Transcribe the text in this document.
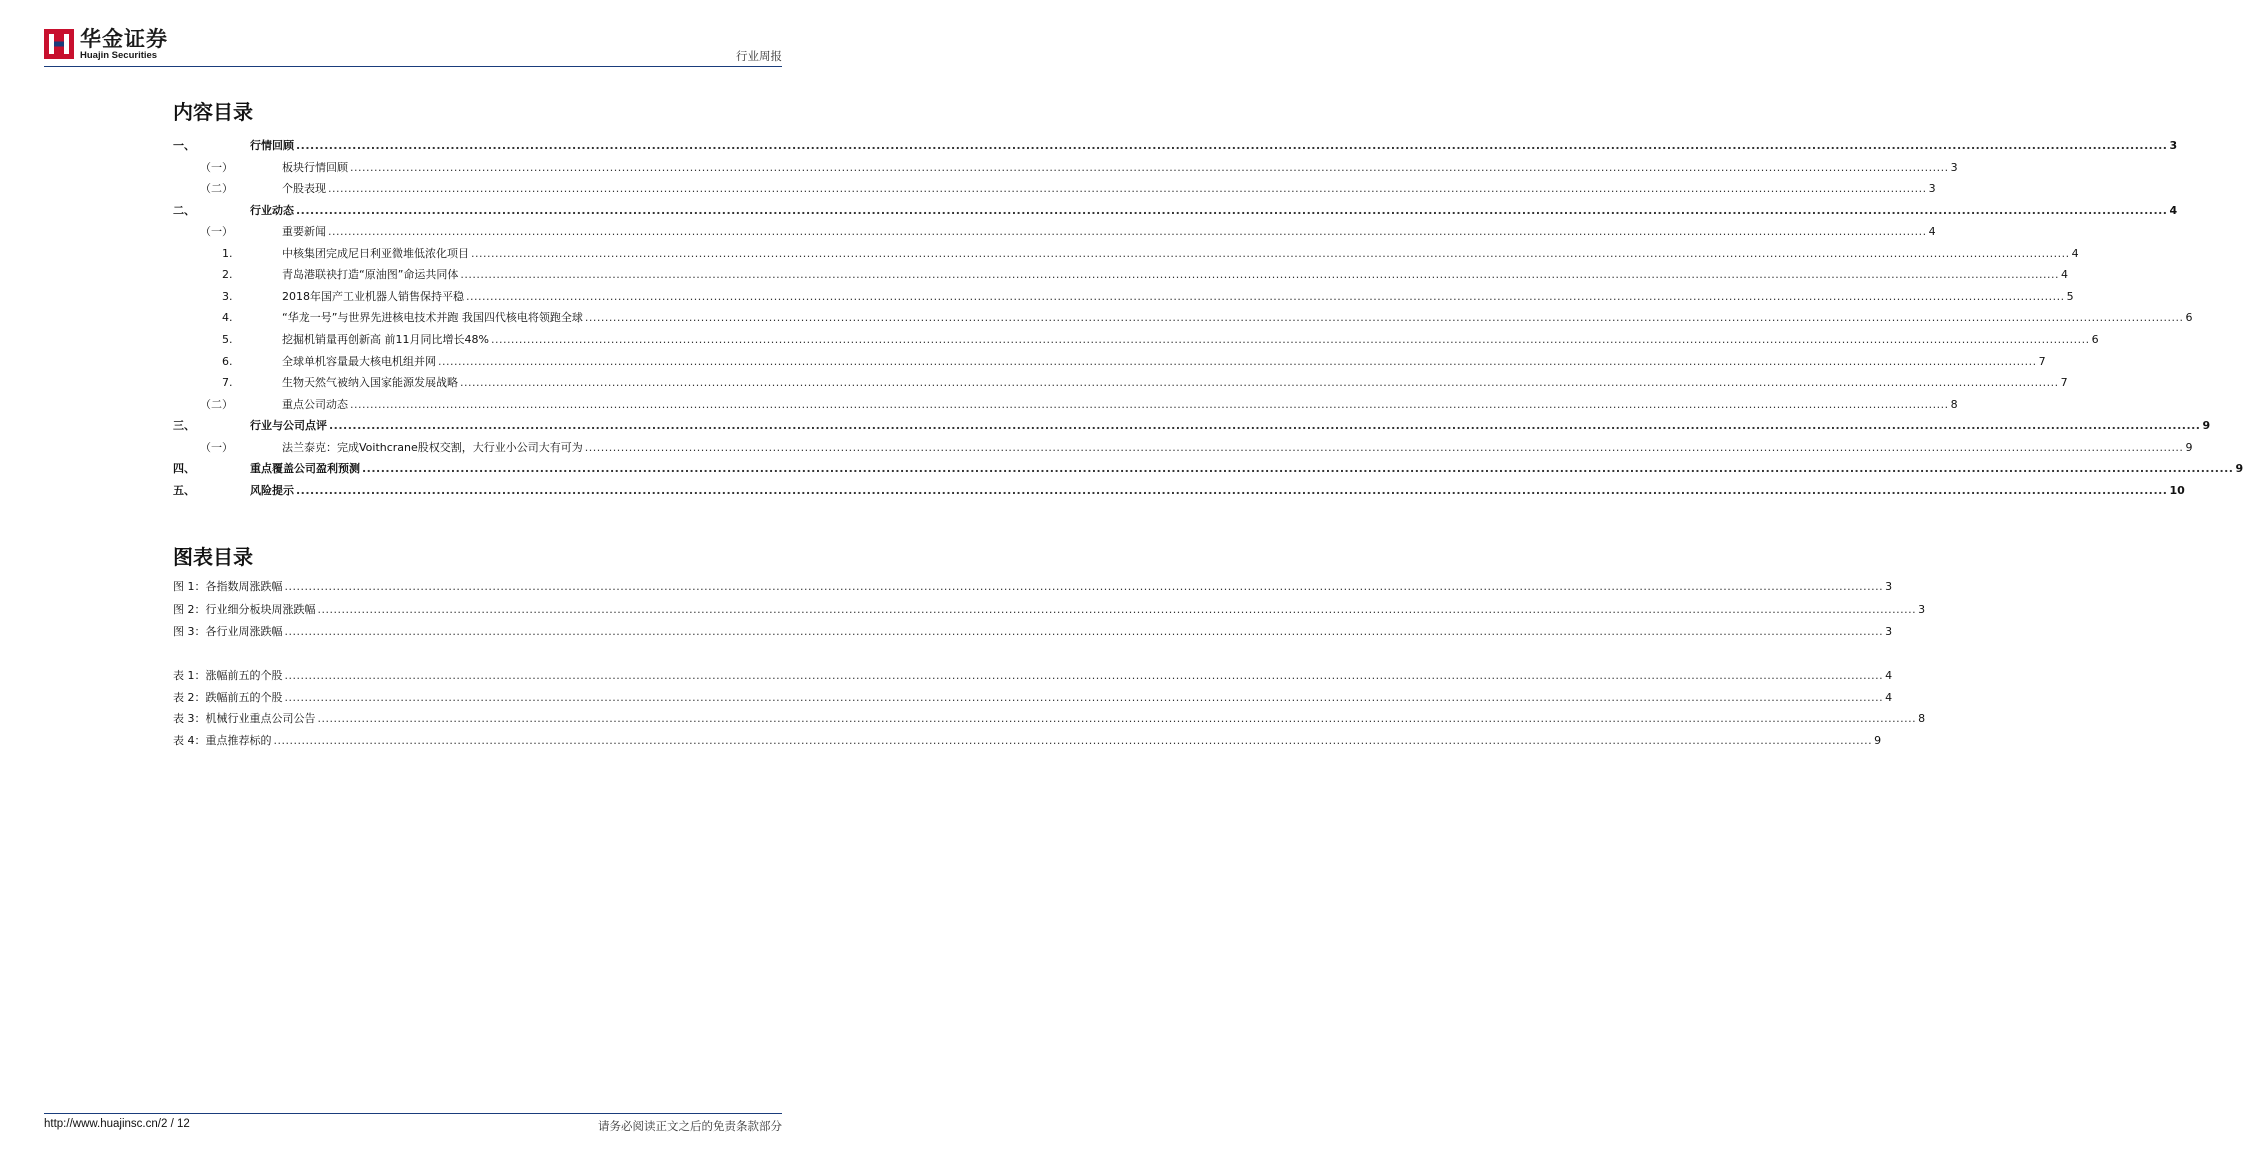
华金证券
Huajin Securities	行业周报
内容目录
一、	行情回顾 ................................................................................................................................................................................................................................................................................................................................................................................................................ 3
（一）	板块行情回顾 ................................................................................................................................................................................................................................................................................................................................................................................................................ 3
（二）	个股表现 ................................................................................................................................................................................................................................................................................................................................................................................................................ 3
二、	行业动态 ................................................................................................................................................................................................................................................................................................................................................................................................................ 4
（一）	重要新闻 ................................................................................................................................................................................................................................................................................................................................................................................................................ 4
1.	中核集团完成尼日利亚微堆低浓化项目 ................................................................................................................................................................................................................................................................................................................................................................................................................ 4
2.	青岛港联袂打造“原油图”命运共同体 ................................................................................................................................................................................................................................................................................................................................................................................................................ 4
3.	2018年国产工业机器人销售保持平稳 ................................................................................................................................................................................................................................................................................................................................................................................................................ 5
4.	“华龙一号”与世界先进核电技术并跑 我国四代核电将领跑全球 ................................................................................................................................................................................................................................................................................................................................................................................................................ 6
5.	挖掘机销量再创新高 前11月同比增长48% ................................................................................................................................................................................................................................................................................................................................................................................................................ 6
6.	全球单机容量最大核电机组并网 ................................................................................................................................................................................................................................................................................................................................................................................................................ 7
7.	生物天然气被纳入国家能源发展战略 ................................................................................................................................................................................................................................................................................................................................................................................................................ 7
（二）	重点公司动态 ................................................................................................................................................................................................................................................................................................................................................................................................................ 8
三、	行业与公司点评 ................................................................................................................................................................................................................................................................................................................................................................................................................ 9
（一）	法兰泰克：完成Voithcrane股权交割，大行业小公司大有可为 ................................................................................................................................................................................................................................................................................................................................................................................................................ 9
四、	重点覆盖公司盈利预测 ................................................................................................................................................................................................................................................................................................................................................................................................................ 9
五、	风险提示 ................................................................................................................................................................................................................................................................................................................................................................................................................ 10
图表目录
图 1：各指数周涨跌幅 ................................................................................................................................................................................................................................................................................................................................................................................................................ 3
图 2：行业细分板块周涨跌幅 ................................................................................................................................................................................................................................................................................................................................................................................................................ 3
图 3：各行业周涨跌幅 ................................................................................................................................................................................................................................................................................................................................................................................................................ 3
表 1：涨幅前五的个股 ................................................................................................................................................................................................................................................................................................................................................................................................................ 4
表 2：跌幅前五的个股 ................................................................................................................................................................................................................................................................................................................................................................................................................ 4
表 3：机械行业重点公司公告 ................................................................................................................................................................................................................................................................................................................................................................................................................ 8
表 4：重点推荐标的 ................................................................................................................................................................................................................................................................................................................................................................................................................ 9
http://www.huajinsc.cn/2 / 12	请务必阅读正文之后的免责条款部分
